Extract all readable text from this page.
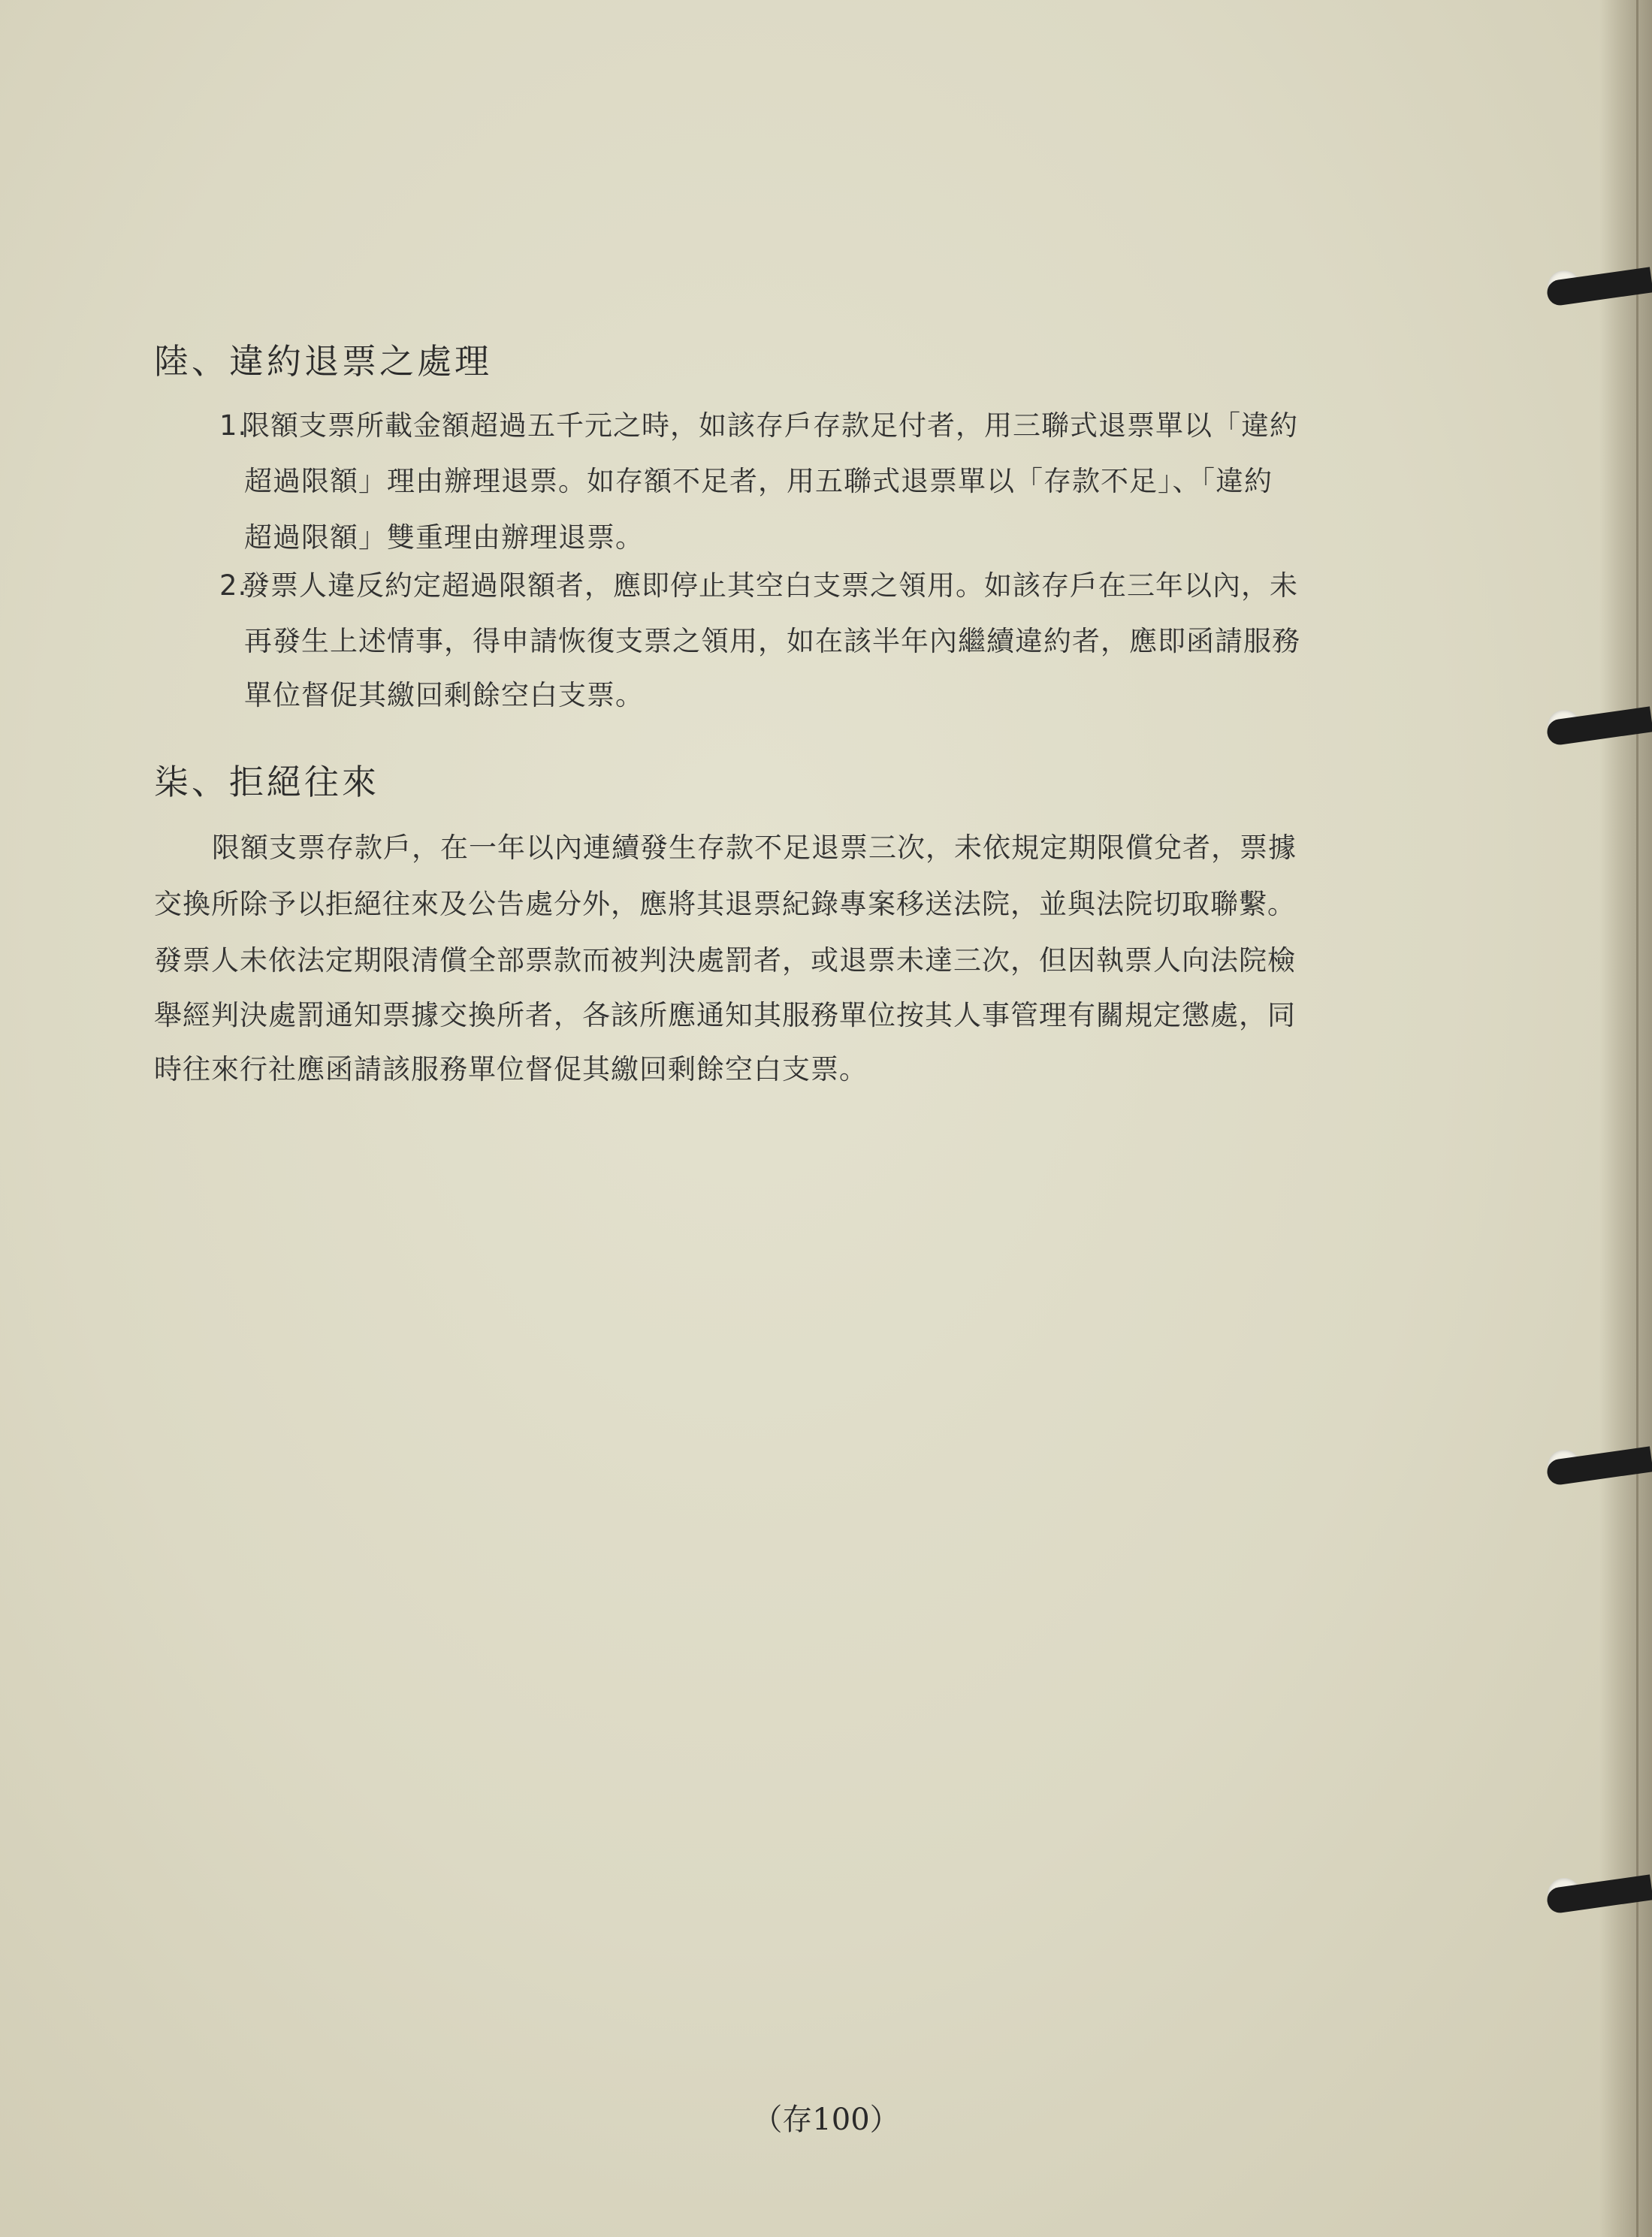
陸、違約退票之處理
1.限額支票所載金額超過五千元之時，如該存戶存款足付者，用三聯式退票單以「違約
超過限額」理由辦理退票。如存額不足者，用五聯式退票單以「存款不足」、「違約
超過限額」雙重理由辦理退票。
2.發票人違反約定超過限額者，應即停止其空白支票之領用。如該存戶在三年以內，未
再發生上述情事，得申請恢復支票之領用，如在該半年內繼續違約者，應即函請服務
單位督促其繳回剩餘空白支票。
柒、拒絕往來
限額支票存款戶，在一年以內連續發生存款不足退票三次，未依規定期限償兌者，票據
交換所除予以拒絕往來及公告處分外，應將其退票紀錄專案移送法院，並與法院切取聯繫。
發票人未依法定期限清償全部票款而被判決處罰者，或退票未達三次，但因執票人向法院檢
舉經判決處罰通知票據交換所者，各該所應通知其服務單位按其人事管理有關規定懲處，同
時往來行社應函請該服務單位督促其繳回剩餘空白支票。
（存100）
